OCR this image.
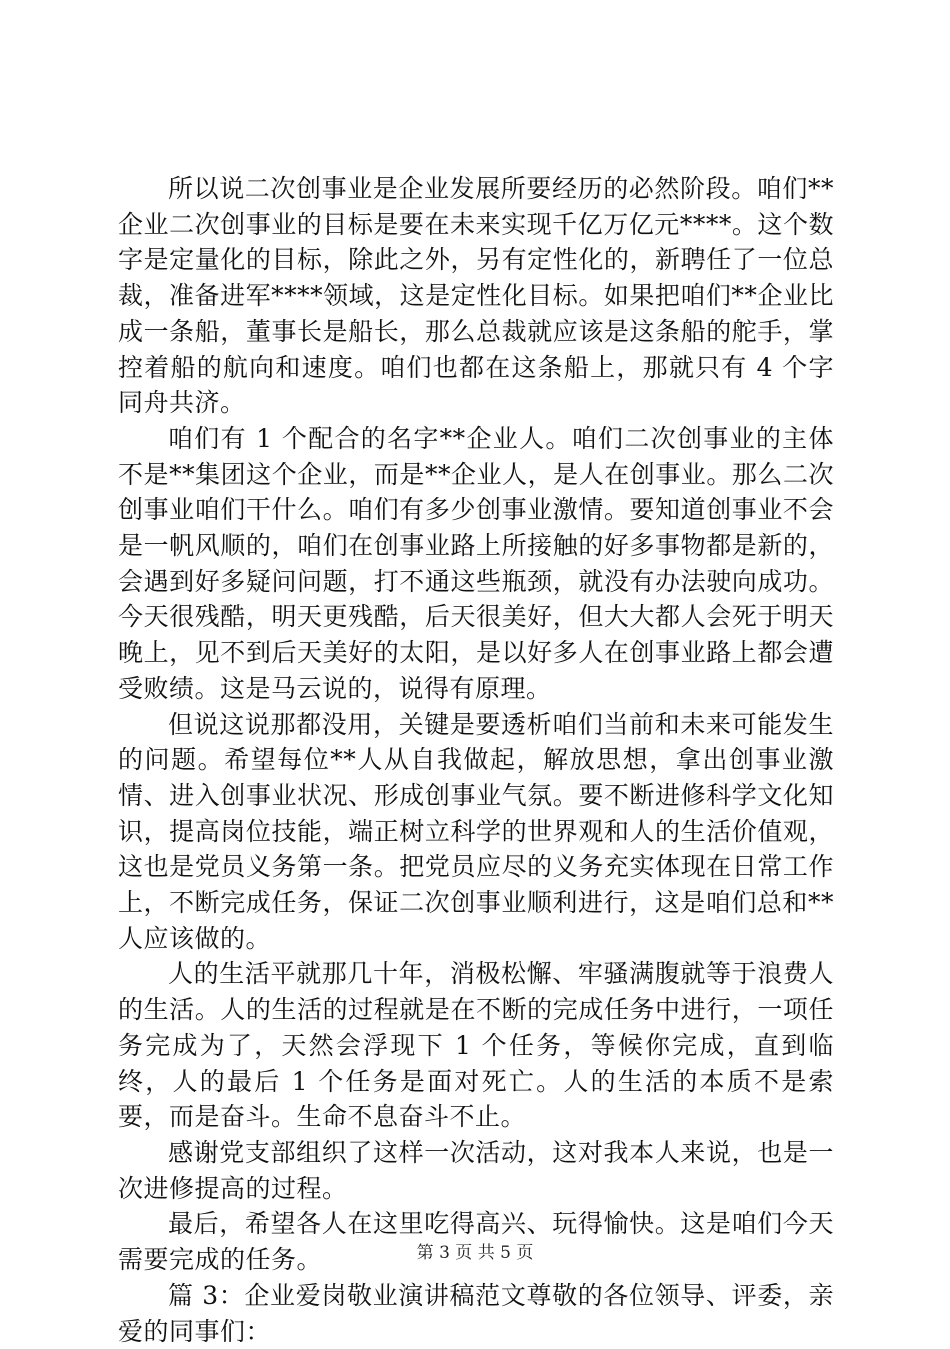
所以说二次创事业是企业发展所要经历的必然阶段。咱们**企业二次创事业的目标是要在未来实现千亿万亿元****。这个数字是定量化的目标，除此之外，另有定性化的，新聘任了一位总裁，准备进军****领域，这是定性化目标。如果把咱们**企业比成一条船，董事长是船长，那么总裁就应该是这条船的舵手，掌控着船的航向和速度。咱们也都在这条船上，那就只有 4 个字同舟共济。

咱们有 1 个配合的名字**企业人。咱们二次创事业的主体不是**集团这个企业，而是**企业人，是人在创事业。那么二次创事业咱们干什么。咱们有多少创事业激情。要知道创事业不会是一帆风顺的，咱们在创事业路上所接触的好多事物都是新的，会遇到好多疑问问题，打不通这些瓶颈，就没有办法驶向成功。今天很残酷，明天更残酷，后天很美好，但大大都人会死于明天晚上，见不到后天美好的太阳，是以好多人在创事业路上都会遭受败绩。这是马云说的，说得有原理。

但说这说那都没用，关键是要透析咱们当前和未来可能发生的问题。希望每位**人从自我做起，解放思想，拿出创事业激情、进入创事业状况、形成创事业气氛。要不断进修科学文化知识，提高岗位技能，端正树立科学的世界观和人的生活价值观，这也是党员义务第一条。把党员应尽的义务充实体现在日常工作上，不断完成任务，保证二次创事业顺利进行，这是咱们总和**人应该做的。

人的生活平就那几十年，消极松懈、牢骚满腹就等于浪费人的生活。人的生活的过程就是在不断的完成任务中进行，一项任务完成为了，天然会浮现下 1 个任务，等候你完成，直到临终，人的最后 1 个任务是面对死亡。人的生活的本质不是索要，而是奋斗。生命不息奋斗不止。

感谢党支部组织了这样一次活动，这对我本人来说，也是一次进修提高的过程。

最后，希望各人在这里吃得高兴、玩得愉快。这是咱们今天需要完成的任务。

篇 3：企业爱岗敬业演讲稿范文尊敬的各位领导、评委，亲爱的同事们：

第 3 页 共 5 页
